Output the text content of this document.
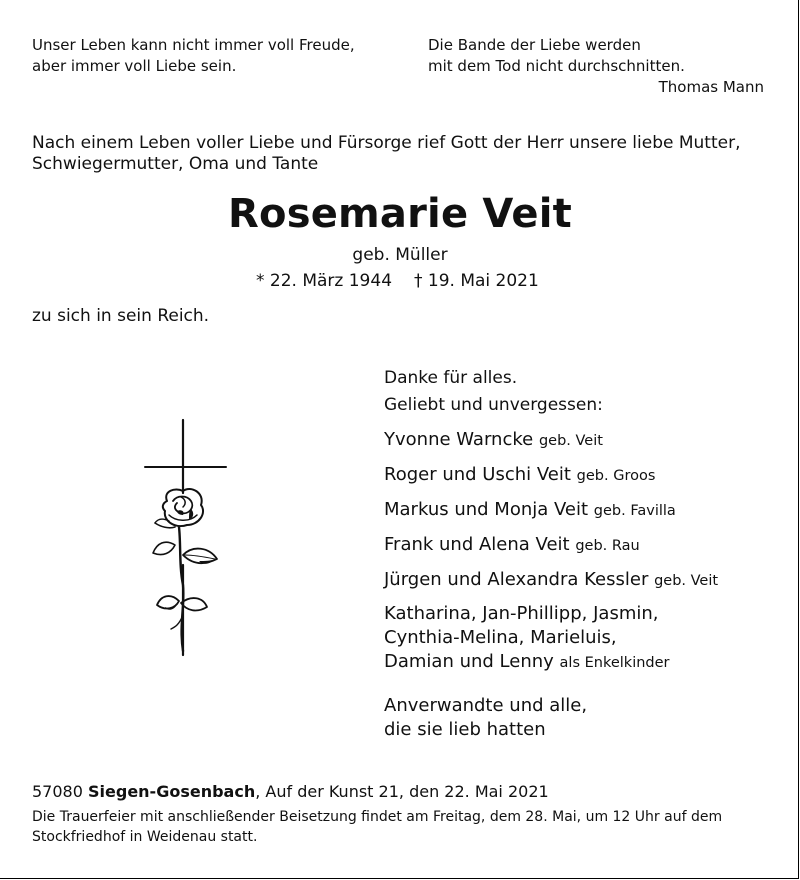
Unser Leben kann nicht immer voll Freude,
aber immer voll Liebe sein.
Die Bande der Liebe werden
mit dem Tod nicht durchschnitten.
Thomas Mann
Nach einem Leben voller Liebe und Fürsorge rief Gott der Herr unsere liebe Mutter,
Schwiegermutter, Oma und Tante
Rosemarie Veit
geb. Müller
* 22. März 1944 † 19. Mai 2021
zu sich in sein Reich.
Danke für alles.
Geliebt und unvergessen:
Yvonne Warncke geb. Veit
Roger und Uschi Veit geb. Groos
Markus und Monja Veit geb. Favilla
Frank und Alena Veit geb. Rau
Jürgen und Alexandra Kessler geb. Veit
Katharina, Jan-Phillipp, Jasmin,
Cynthia-Melina, Marieluis,
Damian und Lenny als Enkelkinder
Anverwandte und alle,
die sie lieb hatten
57080 Siegen-Gosenbach, Auf der Kunst 21, den 22. Mai 2021
Die Trauerfeier mit anschließender Beisetzung findet am Freitag, dem 28. Mai, um 12 Uhr auf dem
Stockfriedhof in Weidenau statt.
